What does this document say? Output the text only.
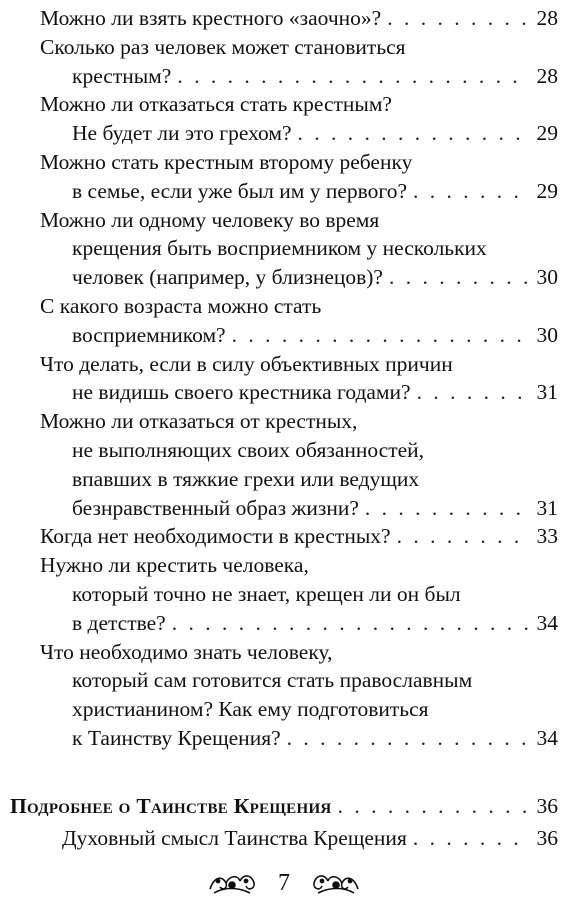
Можно ли взять крестного «заочно»? . . .	28
Сколько раз человек может становиться
крестным? . . .	28
Можно ли отказаться стать крестным?
Не будет ли это грехом? . . .	29
Можно стать крестным второму ребенку
в семье, если уже был им у первого? . . .	29
Можно ли одному человеку во время
крещения быть восприемником у нескольких
человек (например, у близнецов)? . . .	30
С какого возраста можно стать
восприемником? . . .	30
Что делать, если в силу объективных причин
не видишь своего крестника годами? . . .	31
Можно ли отказаться от крестных,
не выполняющих своих обязанностей,
впавших в тяжкие грехи или ведущих
безнравственный образ жизни? . . .	31
Когда нет необходимости в крестных? . . .	33
Нужно ли крестить человека,
который точно не знает, крещен ли он был
в детстве? . . .	34
Что необходимо знать человеку,
который сам готовится стать православным
христианином? Как ему подготовиться
к Таинству Крещения? . . .	34
Подробнее о Таинстве Крещения . . .	36
Духовный смысл Таинства Крещения . . .	36
7
